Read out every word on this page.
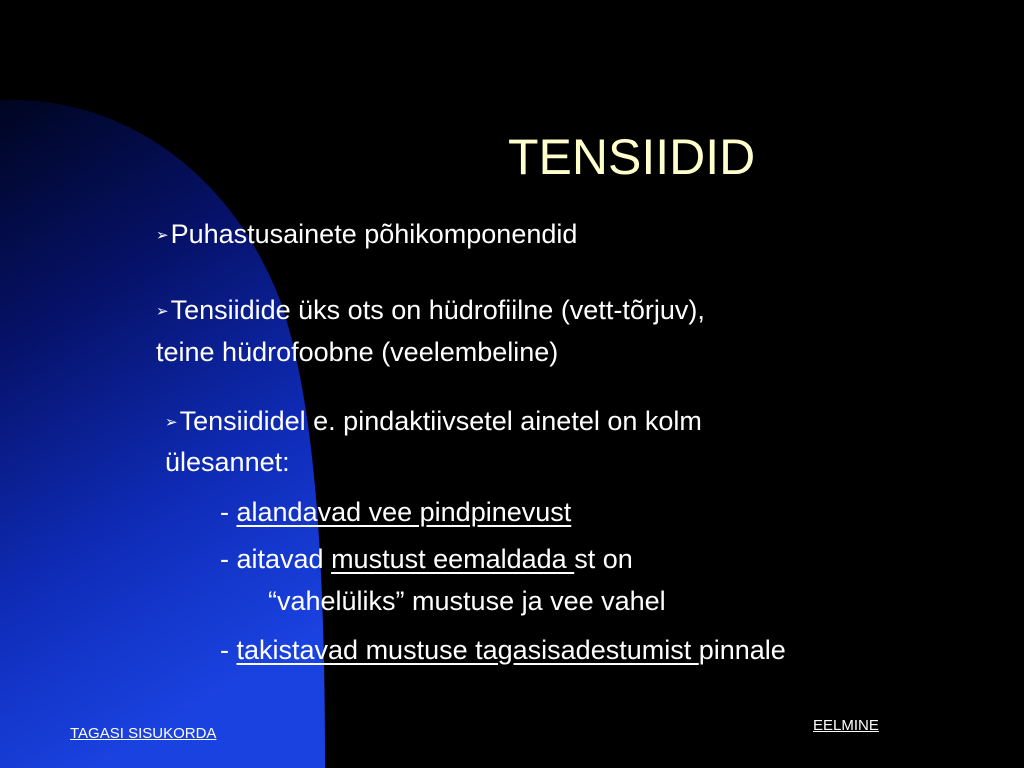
TENSIIDID
➢Puhastusainete põhikomponendid
➢Tensiidide üks ots on hüdrofiilne (vett-tõrjuv),
teine hüdrofoobne (veelembeline)
➢Tensiididel e. pindaktiivsetel ainetel on kolm
ülesannet:
- alandavad vee pindpinevust
- aitavad mustust eemaldada st on
“vahelüliks” mustuse ja vee vahel
- takistavad mustuse tagasisadestumist pinnale
TAGASI SISUKORDA	EELMINE
